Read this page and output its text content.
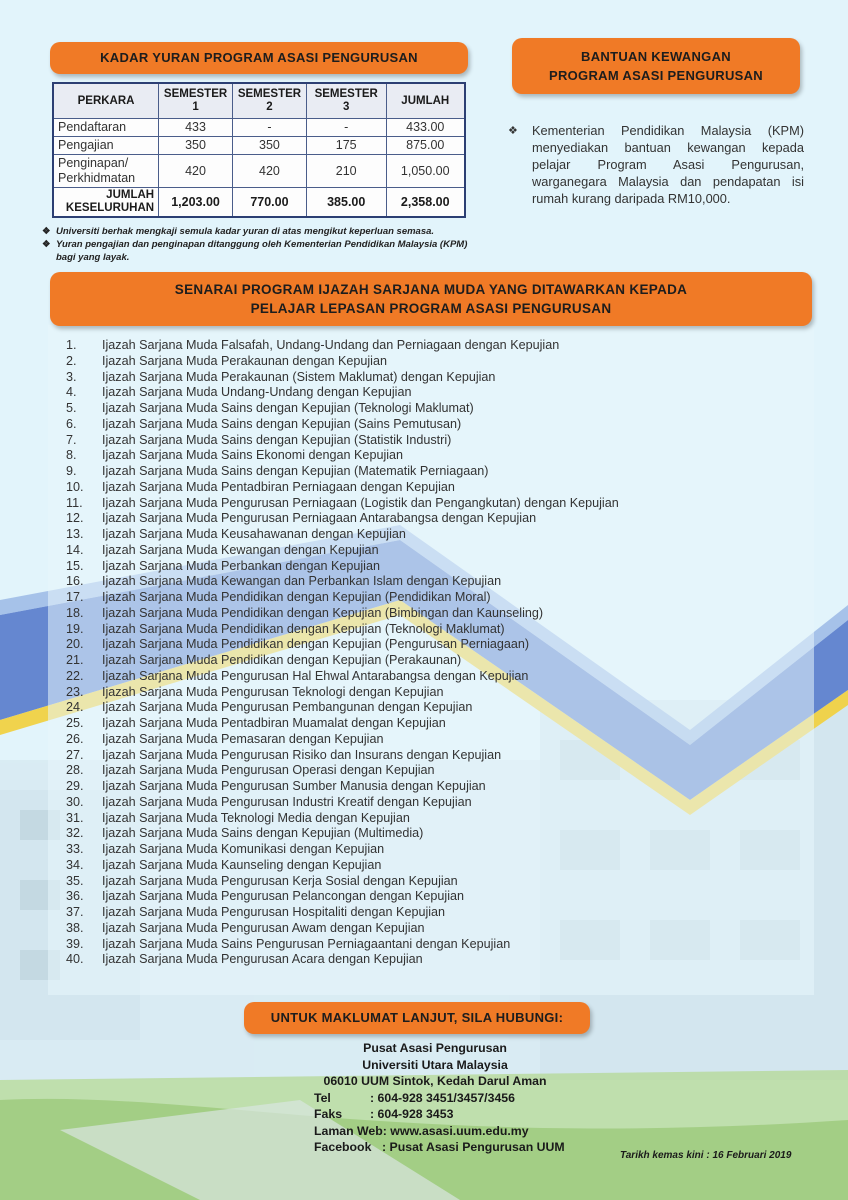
KADAR YURAN PROGRAM ASASI PENGURUSAN
PERKARA	SEMESTER 1	SEMESTER 2	SEMESTER 3	JUMLAH
Pendaftaran	433	-	-	433.00
Pengajian	350	350	175	875.00
Penginapan/ Perkhidmatan	420	420	210	1,050.00
JUMLAH KESELURUHAN	1,203.00	770.00	385.00	2,358.00
❖ Universiti berhak mengkaji semula kadar yuran di atas mengikut keperluan semasa.
❖ Yuran pengajian dan penginapan ditanggung oleh Kementerian Pendidikan Malaysia (KPM) bagi yang layak.
BANTUAN KEWANGAN
PROGRAM ASASI PENGURUSAN
❖ Kementerian Pendidikan Malaysia (KPM) menyediakan bantuan kewangan kepada pelajar Program Asasi Pengurusan, warganegara Malaysia dan pendapatan isi rumah kurang daripada RM10,000.

SENARAI PROGRAM IJAZAH SARJANA MUDA YANG DITAWARKAN KEPADA
PELAJAR LEPASAN PROGRAM ASASI PENGURUSAN
1. Ijazah Sarjana Muda Falsafah, Undang-Undang dan Perniagaan dengan Kepujian
2. Ijazah Sarjana Muda Perakaunan dengan Kepujian
3. Ijazah Sarjana Muda Perakaunan (Sistem Maklumat) dengan Kepujian
4. Ijazah Sarjana Muda Undang-Undang dengan Kepujian
5. Ijazah Sarjana Muda Sains dengan Kepujian (Teknologi Maklumat)
6. Ijazah Sarjana Muda Sains dengan Kepujian (Sains Pemutusan)
7. Ijazah Sarjana Muda Sains dengan Kepujian (Statistik Industri)
8. Ijazah Sarjana Muda Sains Ekonomi dengan Kepujian
9. Ijazah Sarjana Muda Sains dengan Kepujian (Matematik Perniagaan)
10. Ijazah Sarjana Muda Pentadbiran Perniagaan dengan Kepujian
11. Ijazah Sarjana Muda Pengurusan Perniagaan (Logistik dan Pengangkutan) dengan Kepujian
12. Ijazah Sarjana Muda Pengurusan Perniagaan Antarabangsa dengan Kepujian
13. Ijazah Sarjana Muda Keusahawanan dengan Kepujian
14. Ijazah Sarjana Muda Kewangan dengan Kepujian
15. Ijazah Sarjana Muda Perbankan dengan Kepujian
16. Ijazah Sarjana Muda Kewangan dan Perbankan Islam dengan Kepujian
17. Ijazah Sarjana Muda Pendidikan dengan Kepujian (Pendidikan Moral)
18. Ijazah Sarjana Muda Pendidikan dengan Kepujian (Bimbingan dan Kaunseling)
19. Ijazah Sarjana Muda Pendidikan dengan Kepujian (Teknologi Maklumat)
20. Ijazah Sarjana Muda Pendidikan dengan Kepujian (Pengurusan Perniagaan)
21. Ijazah Sarjana Muda Pendidikan dengan Kepujian (Perakaunan)
22. Ijazah Sarjana Muda Pengurusan Hal Ehwal Antarabangsa dengan Kepujian
23. Ijazah Sarjana Muda Pengurusan Teknologi dengan Kepujian
24. Ijazah Sarjana Muda Pengurusan Pembangunan dengan Kepujian
25. Ijazah Sarjana Muda Pentadbiran Muamalat dengan Kepujian
26. Ijazah Sarjana Muda Pemasaran dengan Kepujian
27. Ijazah Sarjana Muda Pengurusan Risiko dan Insurans dengan Kepujian
28. Ijazah Sarjana Muda Pengurusan Operasi dengan Kepujian
29. Ijazah Sarjana Muda Pengurusan Sumber Manusia dengan Kepujian
30. Ijazah Sarjana Muda Pengurusan Industri Kreatif dengan Kepujian
31. Ijazah Sarjana Muda Teknologi Media dengan Kepujian
32. Ijazah Sarjana Muda Sains dengan Kepujian (Multimedia)
33. Ijazah Sarjana Muda Komunikasi dengan Kepujian
34. Ijazah Sarjana Muda Kaunseling dengan Kepujian
35. Ijazah Sarjana Muda Pengurusan Kerja Sosial dengan Kepujian
36. Ijazah Sarjana Muda Pengurusan Pelancongan dengan Kepujian
37. Ijazah Sarjana Muda Pengurusan Hospitaliti dengan Kepujian
38. Ijazah Sarjana Muda Pengurusan Awam dengan Kepujian
39. Ijazah Sarjana Muda Sains Pengurusan Perniagaantani dengan Kepujian
40. Ijazah Sarjana Muda Pengurusan Acara dengan Kepujian
UNTUK MAKLUMAT LANJUT, SILA HUBUNGI:
Pusat Asasi Pengurusan
Universiti Utara Malaysia
06010 UUM Sintok, Kedah Darul Aman
Tel	: 604-928 3451/3457/3456
Faks : 604-928 3453
Laman Web: www.asasi.uum.edu.my
Facebook : Pusat Asasi Pengurusan UUM
Tarikh kemas kini : 16 Februari 2019
